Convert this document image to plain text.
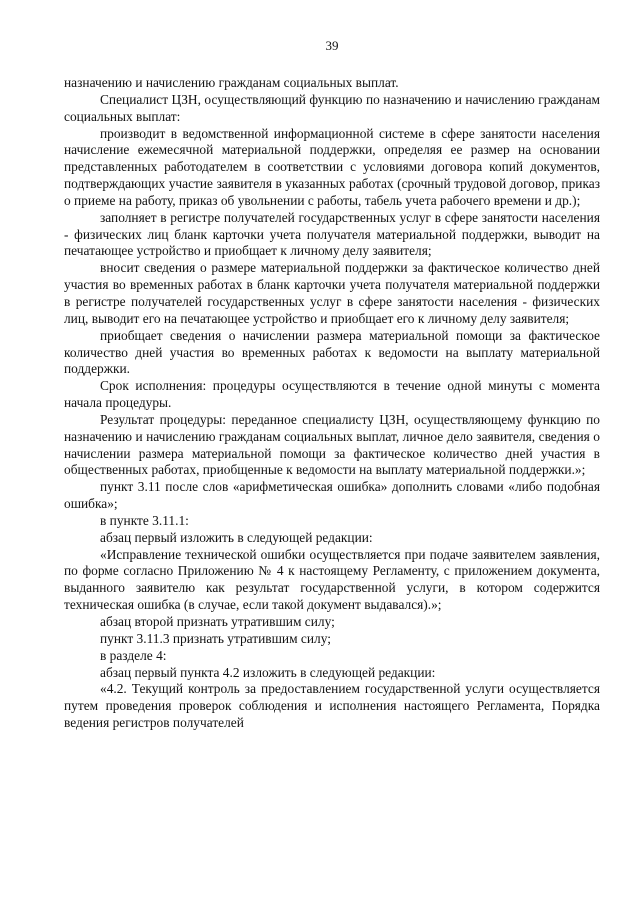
39

назначению и начислению гражданам социальных выплат.

Специалист ЦЗН, осуществляющий функцию по назначению и начислению гражданам социальных выплат:

производит в ведомственной информационной системе в сфере занятости населения начисление ежемесячной материальной поддержки, определяя ее размер на основании представленных работодателем в соответствии с условиями договора копий документов, подтверждающих участие заявителя в указанных работах (срочный трудовой договор, приказ о приеме на работу, приказ об увольнении с работы, табель учета рабочего времени и др.);

заполняет в регистре получателей государственных услуг в сфере занятости населения - физических лиц бланк карточки учета получателя материальной поддержки, выводит на печатающее устройство и приобщает к личному делу заявителя;

вносит сведения о размере материальной поддержки за фактическое количество дней участия во временных работах в бланк карточки учета получателя материальной поддержки в регистре получателей государственных услуг в сфере занятости населения - физических лиц, выводит его на печатающее устройство и приобщает его к личному делу заявителя;

приобщает сведения о начислении размера материальной помощи за фактическое количество дней участия во временных работах к ведомости на выплату материальной поддержки.

Срок исполнения: процедуры осуществляются в течение одной минуты с момента начала процедуры.

Результат процедуры: переданное специалисту ЦЗН, осуществляющему функцию по назначению и начислению гражданам социальных выплат, личное дело заявителя, сведения о начислении размера материальной помощи за фактическое количество дней участия в общественных работах, приобщенные к ведомости на выплату материальной поддержки.»;

пункт 3.11 после слов «арифметическая ошибка» дополнить словами «либо подобная ошибка»;

в пункте 3.11.1:

абзац первый изложить в следующей редакции:

«Исправление технической ошибки осуществляется при подаче заявителем заявления, по форме согласно Приложению № 4 к настоящему Регламенту, с приложением документа, выданного заявителю как результат государственной услуги, в котором содержится техническая ошибка (в случае, если такой документ выдавался).»;

абзац второй признать утратившим силу;

пункт 3.11.3 признать утратившим силу;

в разделе 4:

абзац первый пункта 4.2 изложить в следующей редакции:

«4.2. Текущий контроль за предоставлением государственной услуги осуществляется путем проведения проверок соблюдения и исполнения настоящего Регламента, Порядка ведения регистров получателей
